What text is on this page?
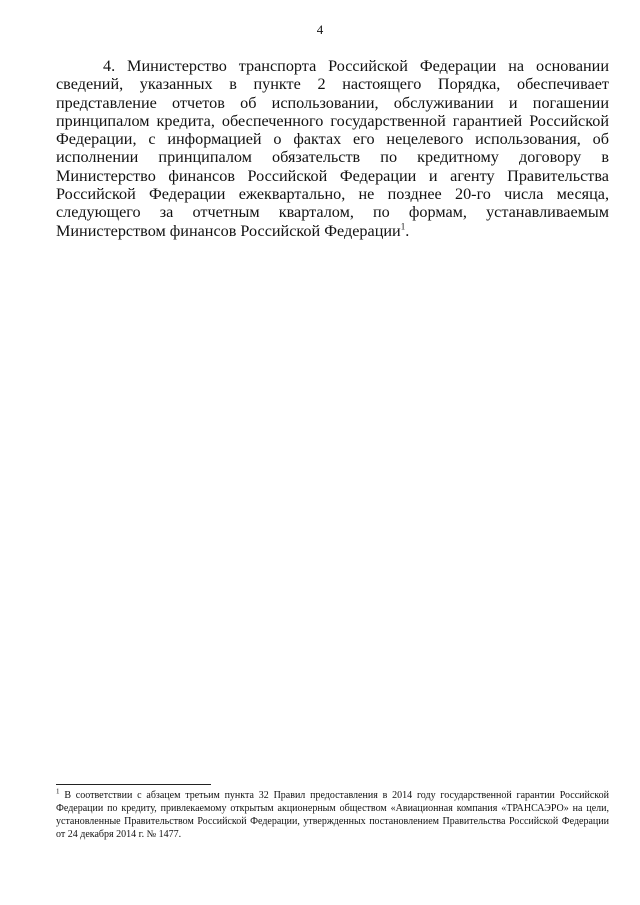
4

4. Министерство транспорта Российской Федерации на основании сведений, указанных в пункте 2 настоящего Порядка, обеспечивает представление отчетов об использовании, обслуживании и погашении принципалом кредита, обеспеченного государственной гарантией Российской Федерации, с информацией о фактах его нецелевого использования, об исполнении принципалом обязательств по кредитному договору в Министерство финансов Российской Федерации и агенту Правительства Российской Федерации ежеквартально, не позднее 20-го числа месяца, следующего за отчетным кварталом, по формам, устанавливаемым Министерством финансов Российской Федерации$^1$.

$^1$ В соответствии с абзацем третьим пункта 32 Правил предоставления в 2014 году государственной гарантии Российской Федерации по кредиту, привлекаемому открытым акционерным обществом «Авиационная компания «ТРАНСАЭРО» на цели, установленные Правительством Российской Федерации, утвержденных постановлением Правительства Российской Федерации от 24 декабря 2014 г. № 1477.
